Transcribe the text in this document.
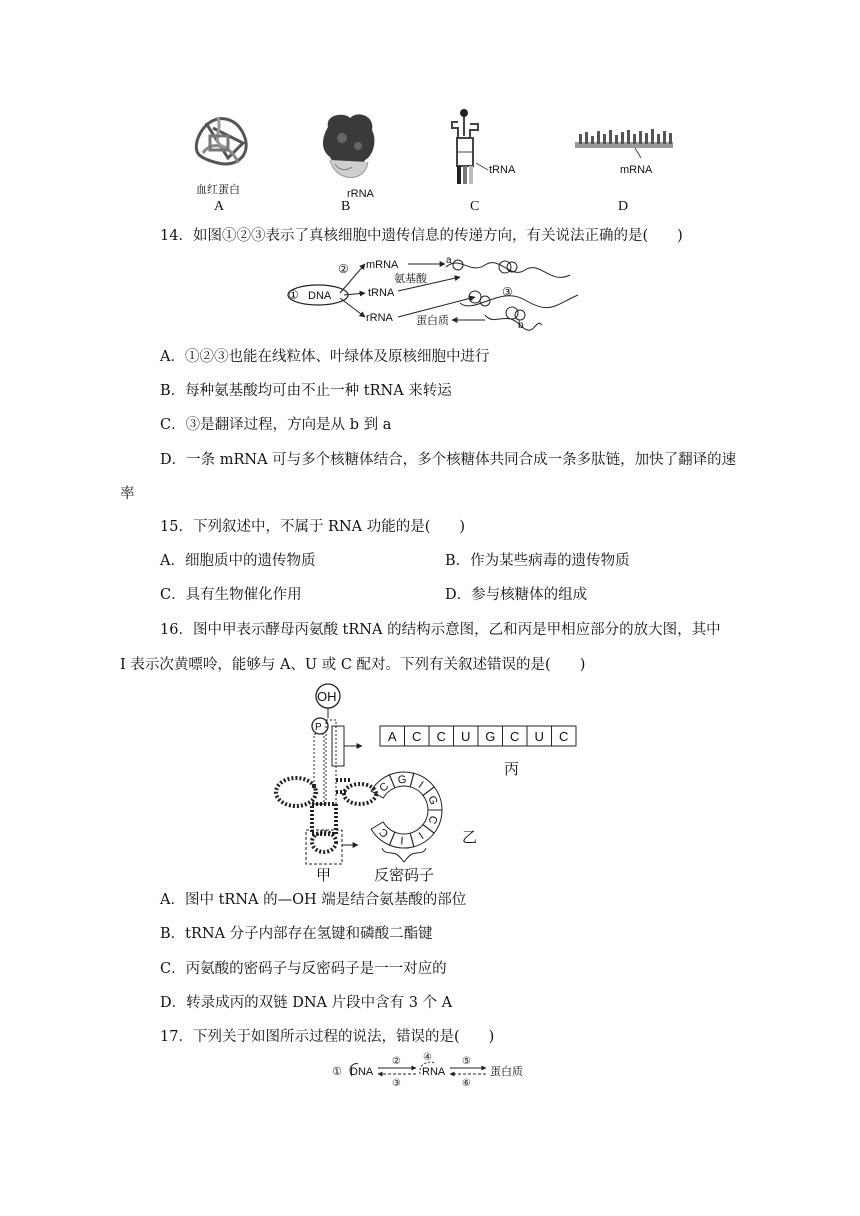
血红蛋白
A
rRNA
B
tRNA
C
mRNA
D
14．如图①②③表示了真核细胞中遗传信息的传递方向，有关说法正确的是(　　)
① DNA
② mRNA
tRNA
rRNA
氨基酸
a
③
蛋白质	b
A．①②③也能在线粒体、叶绿体及原核细胞中进行
B．每种氨基酸均可由不止一种 tRNA 来转运
C．③是翻译过程，方向是从 b 到 a
D．一条 mRNA 可与多个核糖体结合，多个核糖体共同合成一条多肽链，加快了翻译的速
率
15．下列叙述中，不属于 RNA 功能的是(　　)
A．细胞质中的遗传物质	B．作为某些病毒的遗传物质
C．具有生物催化作用	D．参与核糖体的组成
16．图中甲表示酵母丙氨酸 tRNA 的结构示意图，乙和丙是甲相应部分的放大图，其中
I 表示次黄嘌呤，能够与 A、U 或 C 配对。下列有关叙述错误的是(　　)
OH
P
甲
A C C U G C U C
丙
C
G I
G
C
I
I
C	乙
反密码子
A．图中 tRNA 的—OH 端是结合氨基酸的部位
B．tRNA 分子内部存在氢键和磷酸二酯键
C．丙氨酸的密码子与反密码子是一一对应的
D．转录成丙的双链 DNA 片段中含有 3 个 A
17．下列关于如图所示过程的说法，错误的是(　　)
① DNA
②
③
④
RNA
⑤
⑥
蛋白质
